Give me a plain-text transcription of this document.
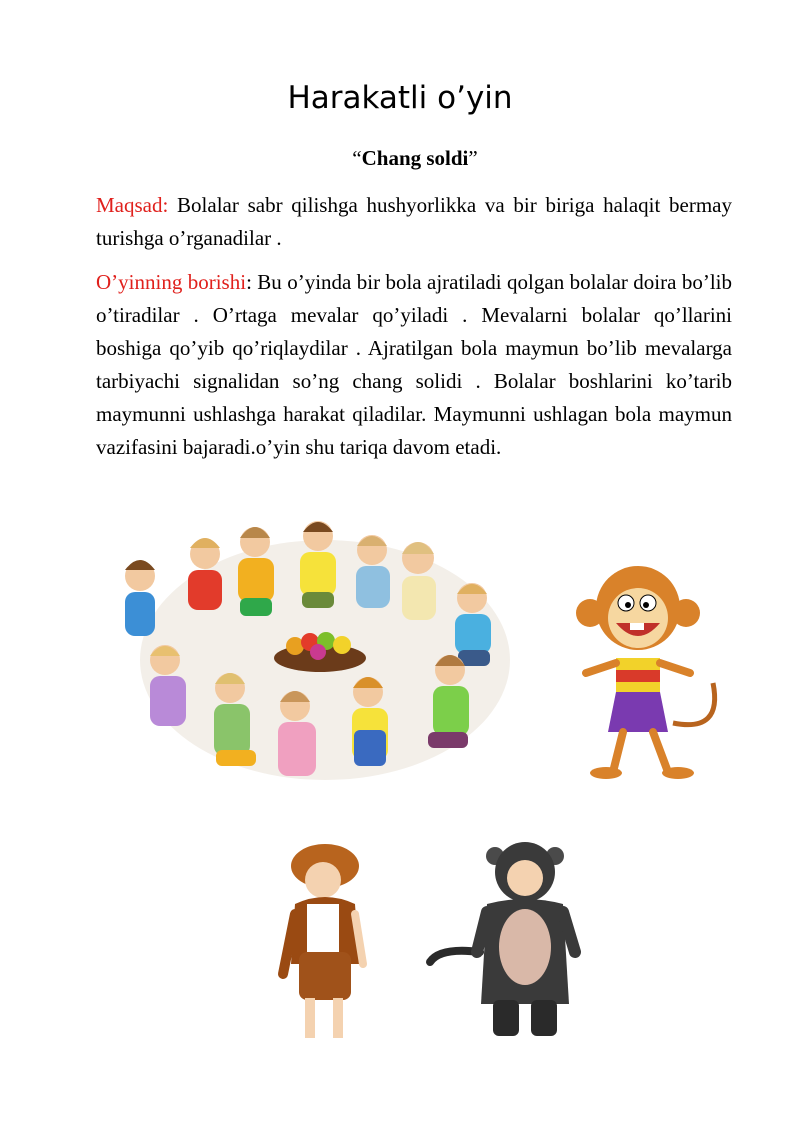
Harakatli o’yin

“Chang soldi”

Maqsad: Bolalar sabr qilishga hushyorlikka va bir biriga halaqit bermay turishga o’rganadilar .

O’yinning borishi: Bu o’yinda bir bola ajratiladi qolgan bolalar doira bo’lib o’tiradilar . O’rtaga mevalar qo’yiladi . Mevalarni bolalar qo’llarini boshiga qo’yib qo’riqlaydilar . Ajratilgan bola maymun bo’lib mevalarga tarbiyachi signalidan so’ng chang solidi . Bolalar boshlarini ko’tarib maymunni ushlashga harakat qiladilar. Maymunni ushlagan bola maymun vazifasini bajaradi.o’yin shu tariqa davom etadi.
